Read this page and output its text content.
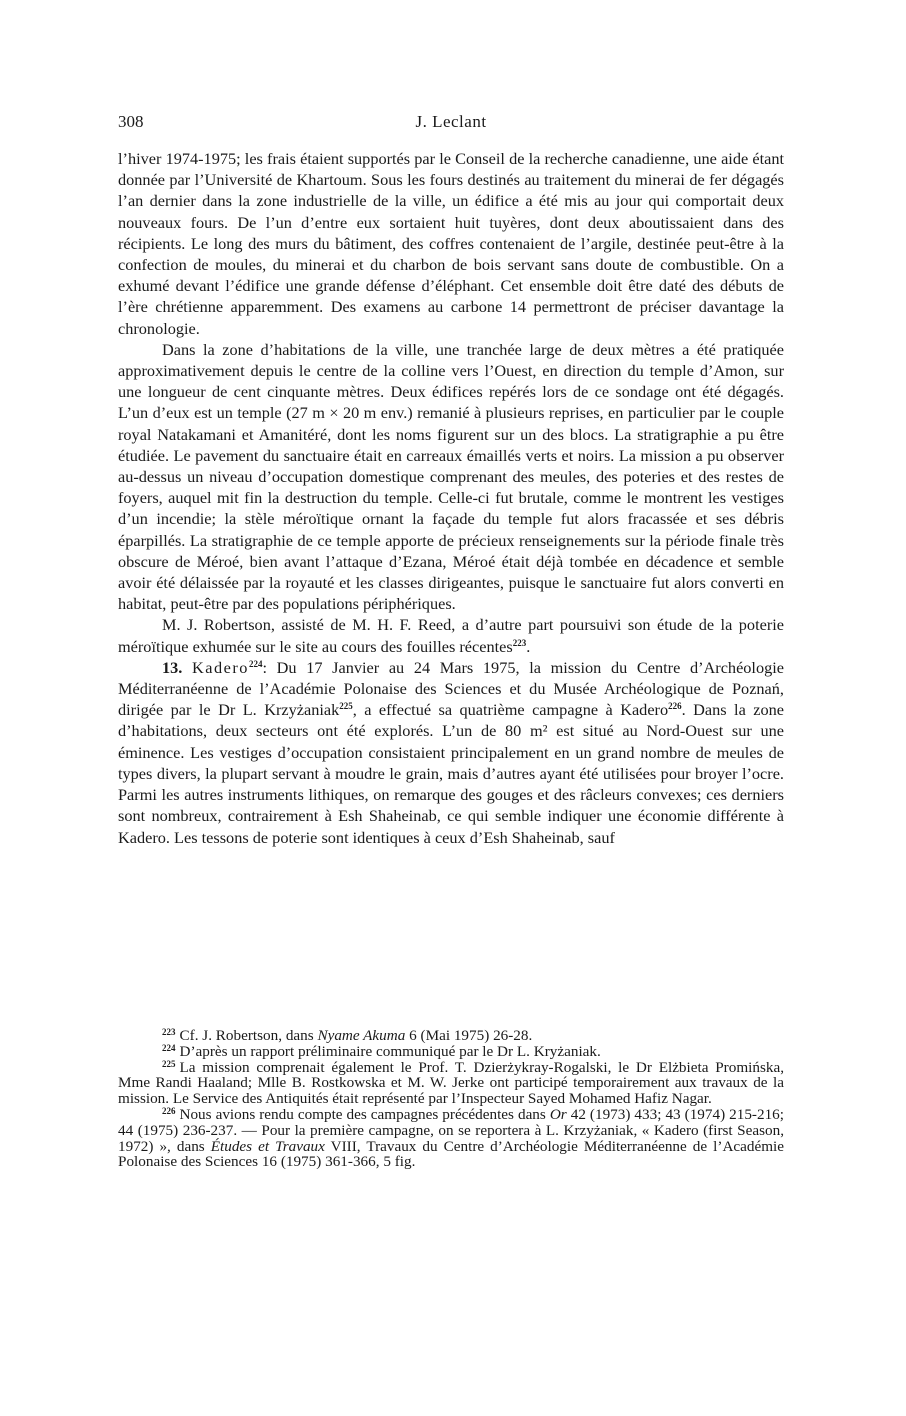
308	J. Leclant

l’hiver 1974-1975; les frais étaient supportés par le Conseil de la recherche canadienne, une aide étant donnée par l’Université de Khartoum. Sous les fours destinés au traitement du minerai de fer dégagés l’an dernier dans la zone industrielle de la ville, un édifice a été mis au jour qui comportait deux nouveaux fours. De l’un d’entre eux sortaient huit tuyères, dont deux aboutissaient dans des récipients. Le long des murs du bâtiment, des coffres contenaient de l’argile, destinée peut-être à la confection de moules, du minerai et du charbon de bois servant sans doute de combustible. On a exhumé devant l’édifice une grande défense d’éléphant. Cet ensemble doit être daté des débuts de l’ère chrétienne apparemment. Des examens au carbone 14 permettront de préciser davantage la chronologie.

Dans la zone d’habitations de la ville, une tranchée large de deux mètres a été pratiquée approximativement depuis le centre de la colline vers l’Ouest, en direction du temple d’Amon, sur une longueur de cent cinquante mètres. Deux édifices repérés lors de ce sondage ont été dégagés. L’un d’eux est un temple (27 m × 20 m env.) remanié à plusieurs reprises, en particulier par le couple royal Natakamani et Amanitéré, dont les noms figurent sur un des blocs. La stratigraphie a pu être étudiée. Le pavement du sanctuaire était en carreaux émaillés verts et noirs. La mission a pu observer au-dessus un niveau d’occupation domestique comprenant des meules, des poteries et des restes de foyers, auquel mit fin la destruction du temple. Celle-ci fut brutale, comme le montrent les vestiges d’un incendie; la stèle méroïtique ornant la façade du temple fut alors fracassée et ses débris éparpillés. La stratigraphie de ce temple apporte de précieux renseignements sur la période finale très obscure de Méroé, bien avant l’attaque d’Ezana, Méroé était déjà tombée en décadence et semble avoir été délaissée par la royauté et les classes dirigeantes, puisque le sanctuaire fut alors converti en habitat, peut-être par des populations périphériques.

M. J. Robertson, assisté de M. H. F. Reed, a d’autre part poursuivi son étude de la poterie méroïtique exhumée sur le site au cours des fouilles récentes$^{223}$.

13. Kadero$^{224}$: Du 17 Janvier au 24 Mars 1975, la mission du Centre d’Archéologie Méditerranéenne de l’Académie Polonaise des Sciences et du Musée Archéologique de Poznań, dirigée par le Dr L. Krzyżaniak$^{225}$, a effectué sa quatrième campagne à Kadero$^{226}$. Dans la zone d’habitations, deux secteurs ont été explorés. L’un de 80 m² est situé au Nord-Ouest sur une éminence. Les vestiges d’occupation consistaient principalement en un grand nombre de meules de types divers, la plupart servant à moudre le grain, mais d’autres ayant été utilisées pour broyer l’ocre. Parmi les autres instruments lithiques, on remarque des gouges et des râcleurs convexes; ces derniers sont nombreux, contrairement à Esh Shaheinab, ce qui semble indiquer une économie différente à Kadero. Les tessons de poterie sont identiques à ceux d’Esh Shaheinab, sauf

$^{223}$ Cf. J. Robertson, dans Nyame Akuma 6 (Mai 1975) 26-28.

$^{224}$ D’après un rapport préliminaire communiqué par le Dr L. Kryżaniak.

$^{225}$ La mission comprenait également le Prof. T. Dzierżykray-Rogalski, le Dr Elżbieta Promińska, Mme Randi Haaland; Mlle B. Rostkowska et M. W. Jerke ont participé temporairement aux travaux de la mission. Le Service des Antiquités était représenté par l’Inspecteur Sayed Mohamed Hafiz Nagar.

$^{226}$ Nous avions rendu compte des campagnes précédentes dans Or 42 (1973) 433; 43 (1974) 215-216; 44 (1975) 236-237. — Pour la première campagne, on se reportera à L. Krzyżaniak, « Kadero (first Season, 1972) », dans Études et Travaux VIII, Travaux du Centre d’Archéologie Méditerranéenne de l’Académie Polonaise des Sciences 16 (1975) 361-366, 5 fig.
